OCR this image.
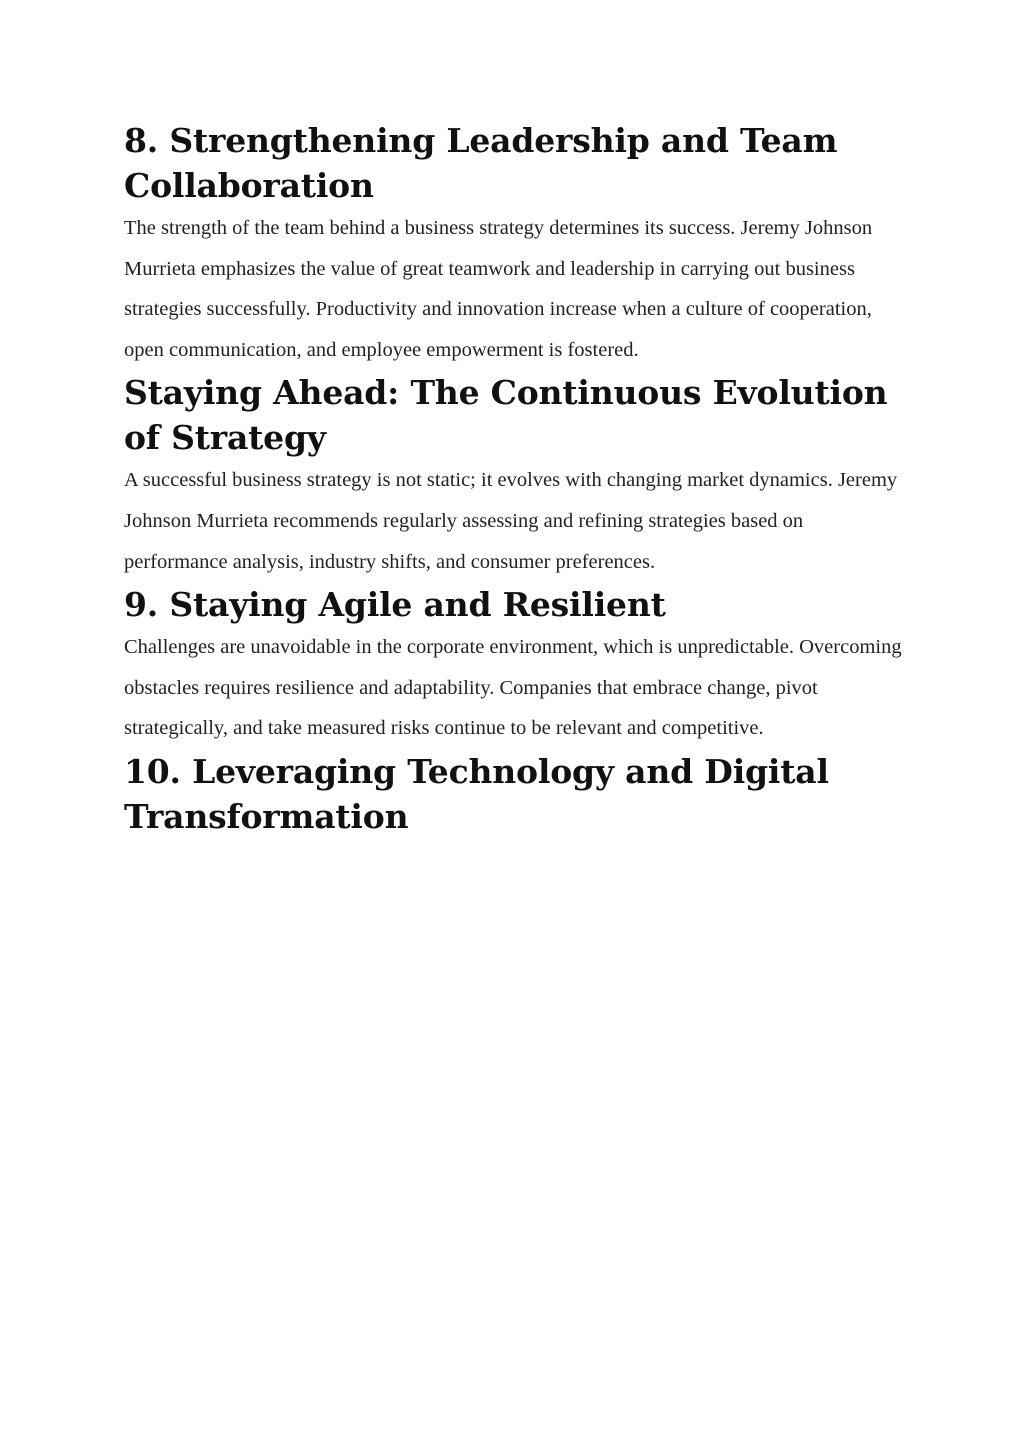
8. Strengthening Leadership and Team Collaboration

The strength of the team behind a business strategy determines its success. Jeremy Johnson Murrieta emphasizes the value of great teamwork and leadership in carrying out business strategies successfully. Productivity and innovation increase when a culture of cooperation, open communication, and employee empowerment is fostered.

Staying Ahead: The Continuous Evolution of Strategy

A successful business strategy is not static; it evolves with changing market dynamics. Jeremy Johnson Murrieta recommends regularly assessing and refining strategies based on performance analysis, industry shifts, and consumer preferences.

9. Staying Agile and Resilient

Challenges are unavoidable in the corporate environment, which is unpredictable. Overcoming obstacles requires resilience and adaptability. Companies that embrace change, pivot strategically, and take measured risks continue to be relevant and competitive.

10. Leveraging Technology and Digital Transformation
